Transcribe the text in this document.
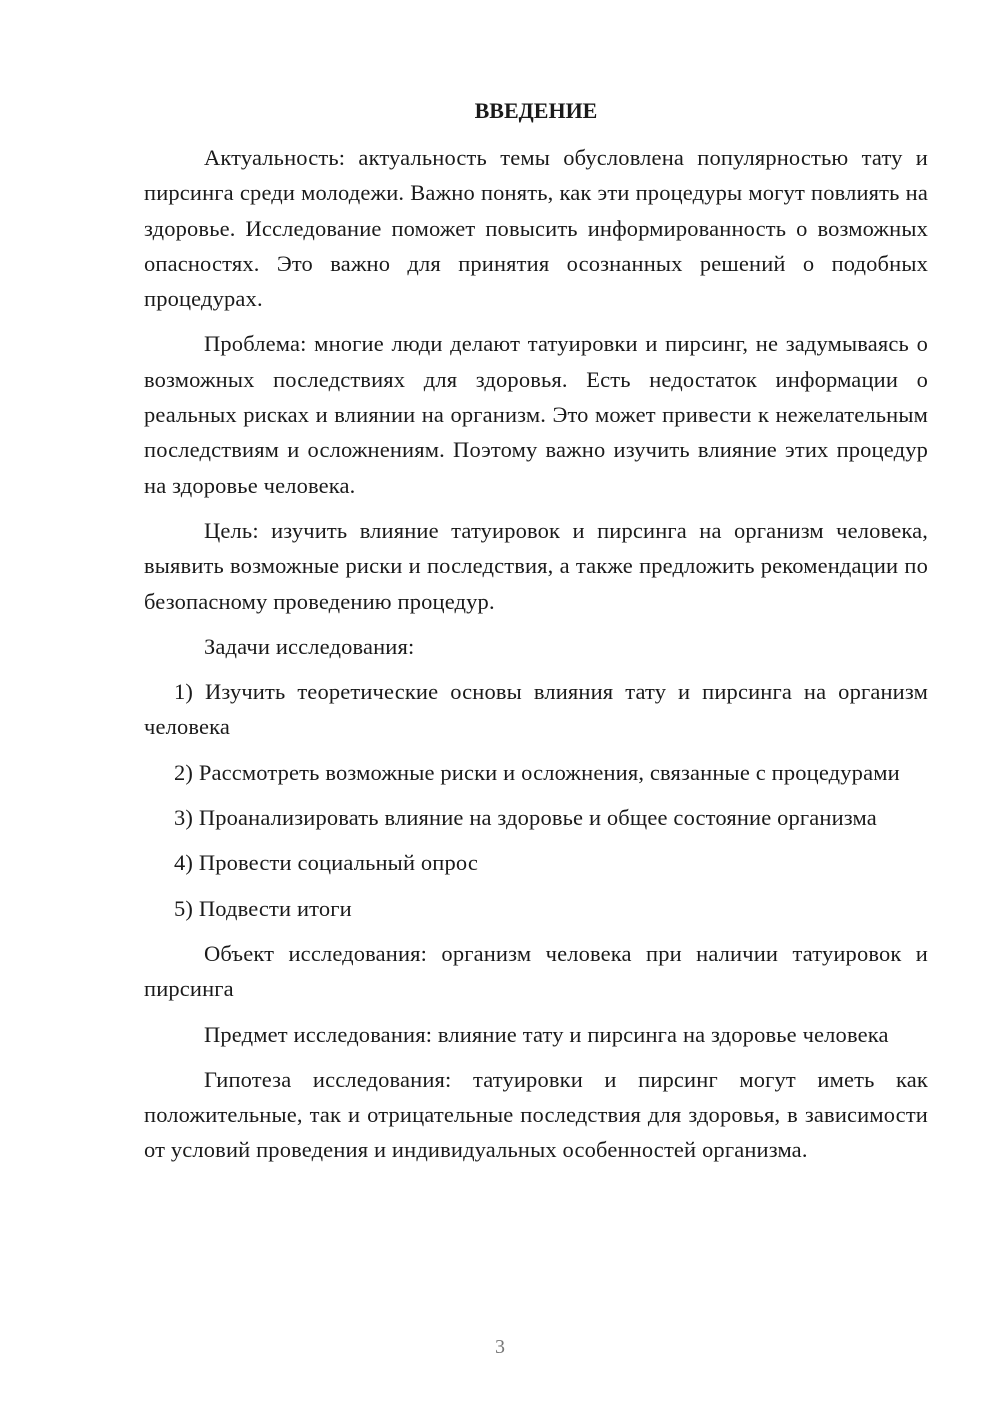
ВВЕДЕНИЕ

Актуальность: актуальность темы обусловлена популярностью тату и пирсинга среди молодежи. Важно понять, как эти процедуры могут повлиять на здоровье. Исследование поможет повысить информированность о возможных опасностях. Это важно для принятия осознанных решений о подобных процедурах.

Проблема: многие люди делают татуировки и пирсинг, не задумываясь о возможных последствиях для здоровья. Есть недостаток информации о реальных рисках и влиянии на организм. Это может привести к нежелательным последствиям и осложнениям. Поэтому важно изучить влияние этих процедур на здоровье человека.

Цель: изучить влияние татуировок и пирсинга на организм человека, выявить возможные риски и последствия, а также предложить рекомендации по безопасному проведению процедур.

Задачи исследования:

1) Изучить теоретические основы влияния тату и пирсинга на организм человека

2) Рассмотреть возможные риски и осложнения, связанные с процедурами

3) Проанализировать влияние на здоровье и общее состояние организма

4) Провести социальный опрос

5) Подвести итоги

Объект исследования: организм человека при наличии татуировок и пирсинга

Предмет исследования: влияние тату и пирсинга на здоровье человека

Гипотеза исследования: татуировки и пирсинг могут иметь как положительные, так и отрицательные последствия для здоровья, в зависимости от условий проведения и индивидуальных особенностей организма.

3
